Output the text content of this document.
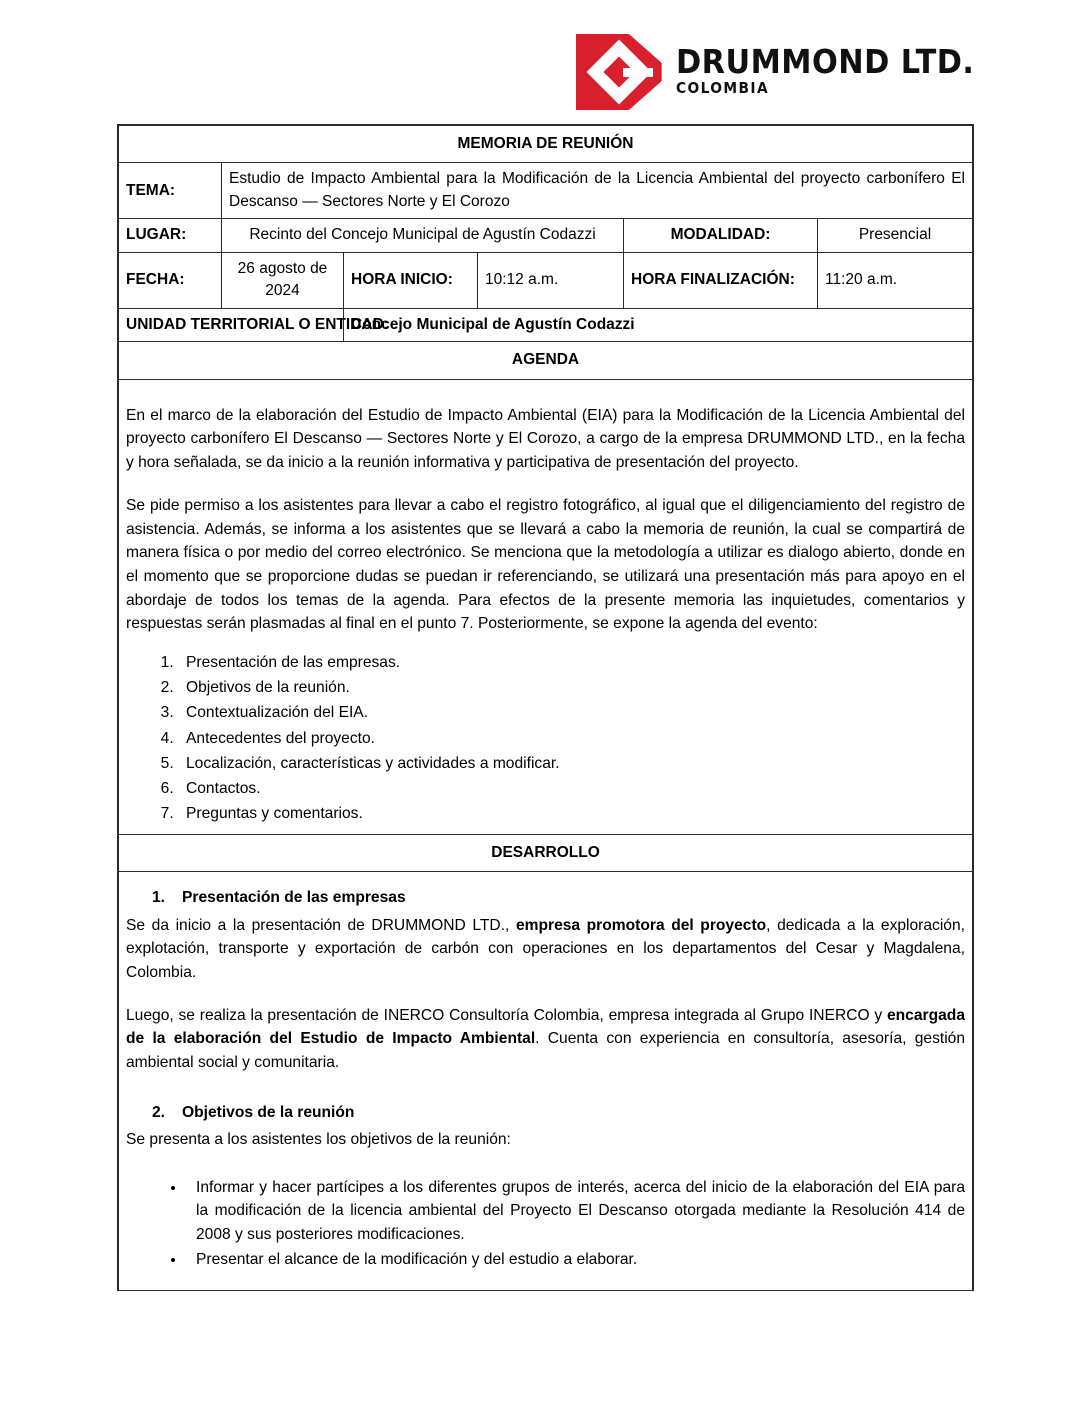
DRUMMOND LTD.
COLOMBIA
MEMORIA DE REUNIÓN					
TEMA:	Estudio de Impacto Ambiental para la Modificación de la Licencia Ambiental del proyecto carbonífero El Descanso — Sectores Norte y El Corozo				
LUGAR:	Recinto del Concejo Municipal de Agustín Codazzi			MODALIDAD:	Presencial
FECHA:	26 agosto de 2024	HORA INICIO:	10:12 a.m.	HORA FINALIZACIÓN:	11:20 a.m.
UNIDAD TERRITORIAL O ENTIDAD:		Concejo Municipal de Agustín Codazzi			
AGENDA					

En el marco de la elaboración del Estudio de Impacto Ambiental (EIA) para la Modificación de la Licencia Ambiental del proyecto carbonífero El Descanso — Sectores Norte y El Corozo, a cargo de la empresa DRUMMOND LTD., en la fecha y hora señalada, se da inicio a la reunión informativa y participativa de presentación del proyecto.

Se pide permiso a los asistentes para llevar a cabo el registro fotográfico, al igual que el diligenciamiento del registro de asistencia. Además, se informa a los asistentes que se llevará a cabo la memoria de reunión, la cual se compartirá de manera física o por medio del correo electrónico. Se menciona que la metodología a utilizar es dialogo abierto, donde en el momento que se proporcione dudas se puedan ir referenciando, se utilizará una presentación más para apoyo en el abordaje de todos los temas de la agenda. Para efectos de la presente memoria las inquietudes, comentarios y respuestas serán plasmadas al final en el punto 7. Posteriormente, se expone la agenda del evento:

1. Presentación de las empresas.
2. Objetivos de la reunión.
3. Contextualización del EIA.
4. Antecedentes del proyecto.
5. Localización, características y actividades a modificar.
6. Contactos.
7. Preguntas y comentarios.

DESARROLLO					

1. Presentación de las empresas

Se da inicio a la presentación de DRUMMOND LTD., empresa promotora del proyecto, dedicada a la exploración, explotación, transporte y exportación de carbón con operaciones en los departamentos del Cesar y Magdalena, Colombia.

Luego, se realiza la presentación de INERCO Consultoría Colombia, empresa integrada al Grupo INERCO y encargada de la elaboración del Estudio de Impacto Ambiental. Cuenta con experiencia en consultoría, asesoría, gestión ambiental social y comunitaria.

2. Objetivos de la reunión

Se presenta a los asistentes los objetivos de la reunión:

• Informar y hacer partícipes a los diferentes grupos de interés, acerca del inicio de la elaboración del EIA para la modificación de la licencia ambiental del Proyecto El Descanso otorgada mediante la Resolución 414 de 2008 y sus posteriores modificaciones.
• Presentar el alcance de la modificación y del estudio a elaborar.
